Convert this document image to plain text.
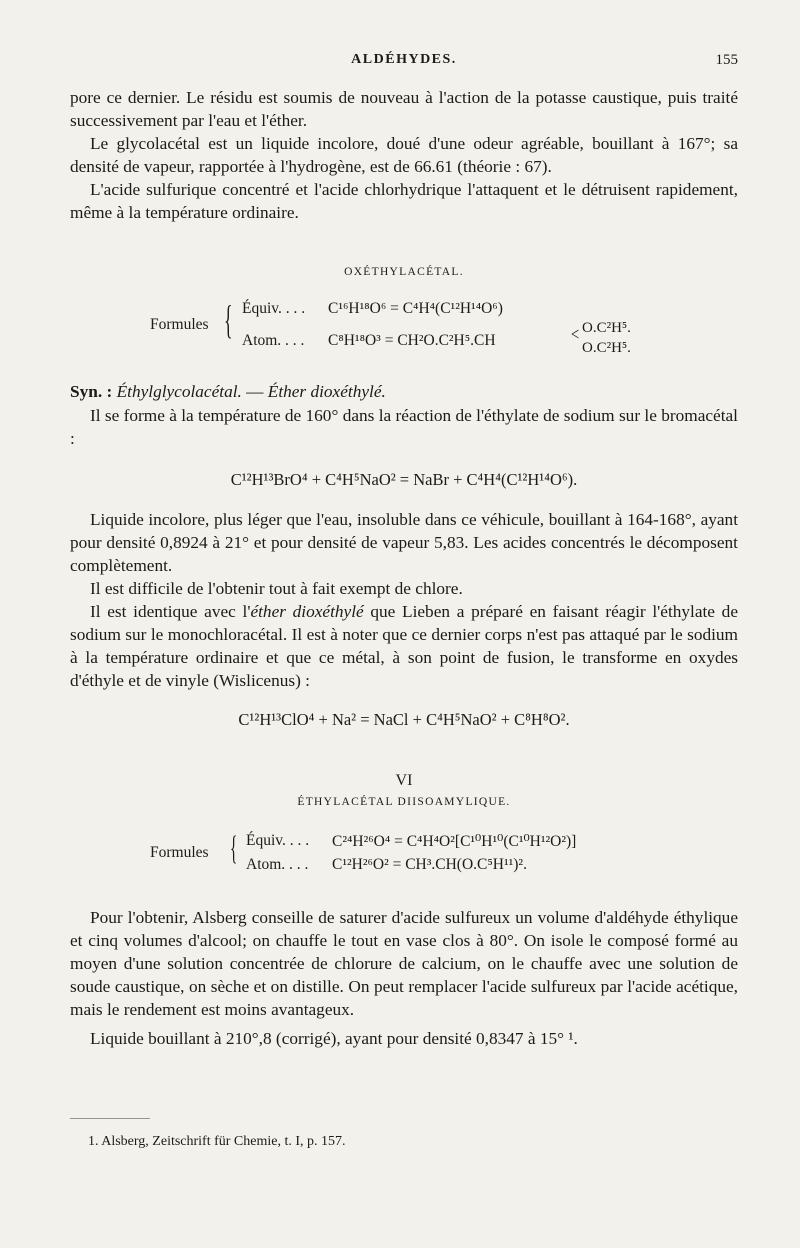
ALDÉHYDES.	155

pore ce dernier. Le résidu est soumis de nouveau à l'action de la potasse caustique, puis traité successivement par l'eau et l'éther.

Le glycolacétal est un liquide incolore, doué d'une odeur agréable, bouillant à 167°; sa densité de vapeur, rapportée à l'hydrogène, est de 66.61 (théorie : 67).

L'acide sulfurique concentré et l'acide chlorhydrique l'attaquent et le détruisent rapidement, même à la température ordinaire.

OXÉTHYLACÉTAL.
Formules { Équiv. . . . C¹⁶H¹⁸O⁶ = C⁴H⁴(C¹²H¹⁴O⁶)
Atom. . . . C⁸H¹⁸O³ = CH²O.C²H⁵.CH	< O.C²H⁵.
O.C²H⁵.

Syn. : Éthylglycolacétal. — Éther dioxéthylé.

Il se forme à la température de 160° dans la réaction de l'éthylate de sodium sur le bromacétal :

C¹²H¹³BrO⁴ + C⁴H⁵NaO² = NaBr + C⁴H⁴(C¹²H¹⁴O⁶).

Liquide incolore, plus léger que l'eau, insoluble dans ce véhicule, bouillant à 164-168°, ayant pour densité 0,8924 à 21° et pour densité de vapeur 5,83. Les acides concentrés le décomposent complètement.

Il est difficile de l'obtenir tout à fait exempt de chlore.

Il est identique avec l'éther dioxéthylé que Lieben a préparé en faisant réagir l'éthylate de sodium sur le monochloracétal. Il est à noter que ce dernier corps n'est pas attaqué par le sodium à la température ordinaire et que ce métal, à son point de fusion, le transforme en oxydes d'éthyle et de vinyle (Wislicenus) :

C¹²H¹³ClO⁴ + Na² = NaCl + C⁴H⁵NaO² + C⁸H⁸O².
VI
ÉTHYLACÉTAL DIISOAMYLIQUE.
Formules { Équiv. . . . C²⁴H²⁶O⁴ = C⁴H⁴O²[C¹⁰H¹⁰(C¹⁰H¹²O²)]
Atom. . . . C¹²H²⁶O² = CH³.CH(O.C⁵H¹¹)².

Pour l'obtenir, Alsberg conseille de saturer d'acide sulfureux un volume d'aldéhyde éthylique et cinq volumes d'alcool; on chauffe le tout en vase clos à 80°. On isole le composé formé au moyen d'une solution concentrée de chlorure de calcium, on le chauffe avec une solution de soude caustique, on sèche et on distille. On peut remplacer l'acide sulfureux par l'acide acétique, mais le rendement est moins avantageux.

Liquide bouillant à 210°,8 (corrigé), ayant pour densité 0,8347 à 15° ¹.

1. Alsberg, Zeitschrift für Chemie, t. I, p. 157.
